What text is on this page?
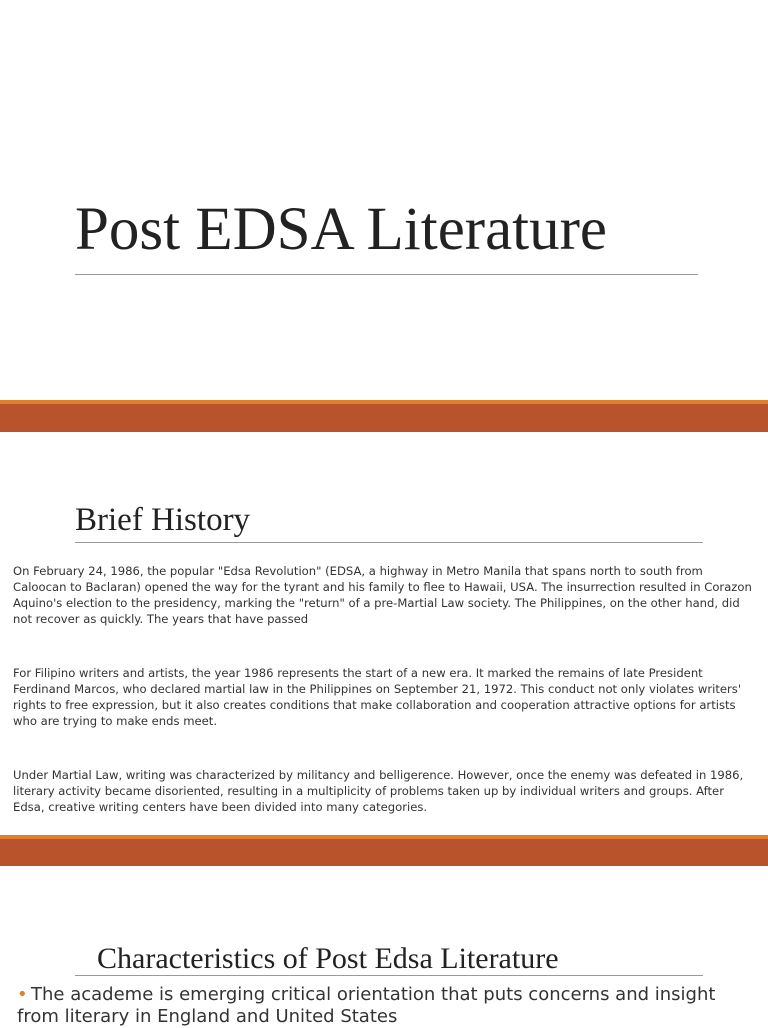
Post EDSA Literature
Brief History

On February 24, 1986, the popular "Edsa Revolution" (EDSA, a highway in Metro Manila that spans north to south from Caloocan to Baclaran) opened the way for the tyrant and his family to flee to Hawaii, USA. The insurrection resulted in Corazon Aquino's election to the presidency, marking the "return" of a pre-Martial Law society. The Philippines, on the other hand, did not recover as quickly. The years that have passed

For Filipino writers and artists, the year 1986 represents the start of a new era. It marked the remains of late President Ferdinand Marcos, who declared martial law in the Philippines on September 21, 1972. This conduct not only violates writers' rights to free expression, but it also creates conditions that make collaboration and cooperation attractive options for artists who are trying to make ends meet.

Under Martial Law, writing was characterized by militancy and belligerence. However, once the enemy was defeated in 1986, literary activity became disoriented, resulting in a multiplicity of problems taken up by individual writers and groups. After Edsa, creative writing centers have been divided into many categories.

Characteristics of Post Edsa Literature

• The academe is emerging critical orientation that puts concerns and insight from literary in England and United States
